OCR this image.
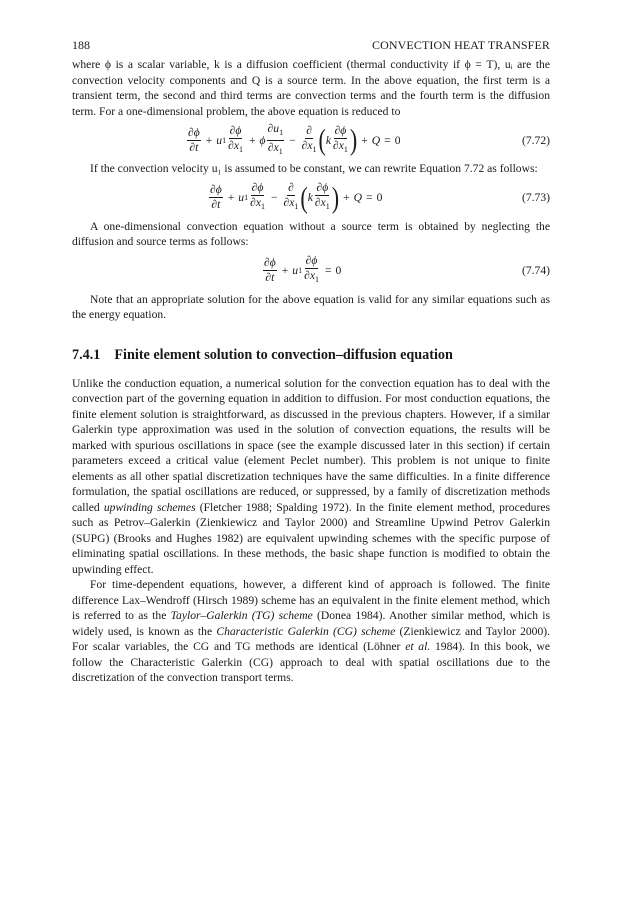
188	CONVECTION HEAT TRANSFER

where ϕ is a scalar variable, k is a diffusion coefficient (thermal conductivity if ϕ = T), uᵢ are the convection velocity components and Q is a source term. In the above equation, the first term is a transient term, the second and third terms are convection terms and the fourth term is the diffusion term. For a one-dimensional problem, the above equation is reduced to

$\frac{\partial\phi}{\partial t} + u$ $1 \frac{\partial\phi}{\partial x_1} + \phi \frac{\partial u_1}{\partial x_1} - \frac{\partial}{\partial x_1}$ ( k $\frac{\partial\phi}{\partial x_1}$ ) + Q = 0	(7.72)

If the convection velocity u₁ is assumed to be constant, we can rewrite Equation 7.72 as follows:

$\frac{\partial\phi}{\partial t} + u$ $1 \frac{\partial\phi}{\partial x_1} - \frac{\partial}{\partial x_1}$ ( k $\frac{\partial\phi}{\partial x_1}$ ) + Q = 0	(7.73)

A one-dimensional convection equation without a source term is obtained by neglecting the diffusion and source terms as follows:

$\frac{\partial\phi}{\partial t} + u$ $1 \frac{\partial\phi}{\partial x_1} = 0$	(7.74)

Note that an appropriate solution for the above equation is valid for any similar equations such as the energy equation.

7.4.1 Finite element solution to convection–diffusion equation

Unlike the conduction equation, a numerical solution for the convection equation has to deal with the convection part of the governing equation in addition to diffusion. For most conduction equations, the finite element solution is straightforward, as discussed in the previous chapters. However, if a similar Galerkin type approximation was used in the solution of convection equations, the results will be marked with spurious oscillations in space (see the example discussed later in this section) if certain parameters exceed a critical value (element Peclet number). This problem is not unique to finite elements as all other spatial discretization techniques have the same difficulties. In a finite difference formulation, the spatial oscillations are reduced, or suppressed, by a family of discretization methods called upwinding schemes (Fletcher 1988; Spalding 1972). In the finite element method, procedures such as Petrov–Galerkin (Zienkiewicz and Taylor 2000) and Streamline Upwind Petrov Galerkin (SUPG) (Brooks and Hughes 1982) are equivalent upwinding schemes with the specific purpose of eliminating spatial oscillations. In these methods, the basic shape function is modified to obtain the upwinding effect.

For time-dependent equations, however, a different kind of approach is followed. The finite difference Lax–Wendroff (Hirsch 1989) scheme has an equivalent in the finite element method, which is referred to as the Taylor–Galerkin (TG) scheme (Donea 1984). Another similar method, which is widely used, is known as the Characteristic Galerkin (CG) scheme (Zienkiewicz and Taylor 2000). For scalar variables, the CG and TG methods are identical (Löhner et al. 1984). In this book, we follow the Characteristic Galerkin (CG) approach to deal with spatial oscillations due to the discretization of the convection transport terms.
